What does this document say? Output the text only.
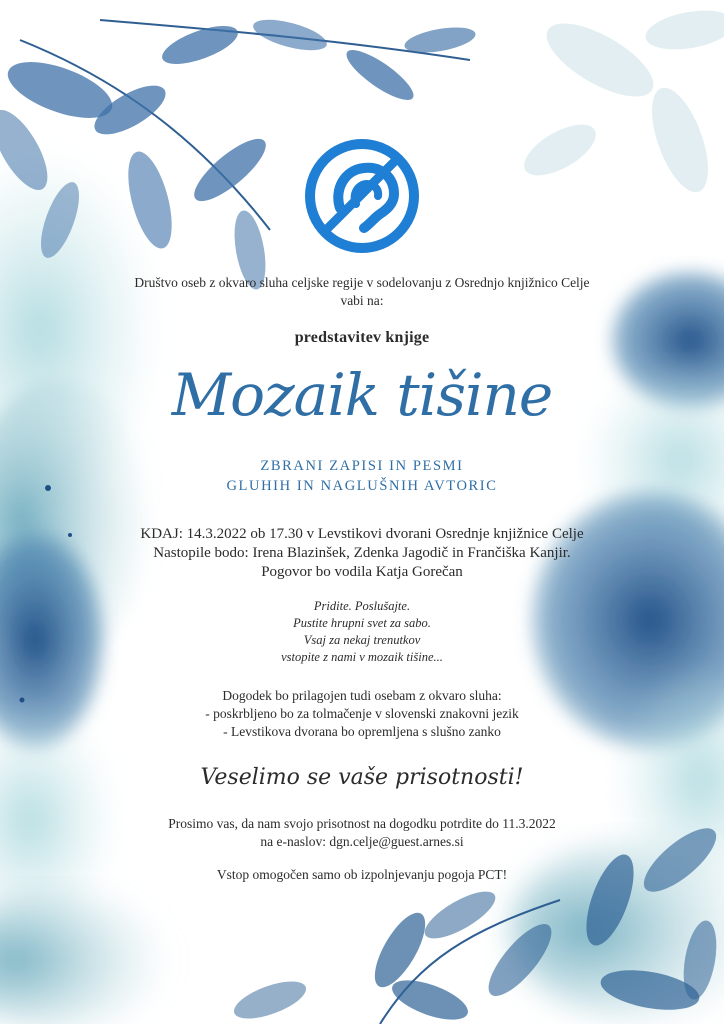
Društvo oseb z okvaro sluha celjske regije v sodelovanju z Osrednjo knjižnico Celje
vabi na:
predstavitev knjige
Mozaik tišine
ZBRANI ZAPISI IN PESMI
GLUHIH IN NAGLUŠNIH AVTORIC
KDAJ: 14.3.2022 ob 17.30 v Levstikovi dvorani Osrednje knjižnice Celje
Nastopile bodo: Irena Blazinšek, Zdenka Jagodič in Frančiška Kanjir.
Pogovor bo vodila Katja Gorečan
Pridite. Poslušajte.
Pustite hrupni svet za sabo.
Vsaj za nekaj trenutkov
vstopite z nami v mozaik tišine...
Dogodek bo prilagojen tudi osebam z okvaro sluha:
- poskrbljeno bo za tolmačenje v slovenski znakovni jezik
- Levstikova dvorana bo opremljena s slušno zanko
Veselimo se vaše prisotnosti!
Prosimo vas, da nam svojo prisotnost na dogodku potrdite do 11.3.2022
na e-naslov: dgn.celje@guest.arnes.si
Vstop omogočen samo ob izpolnjevanju pogoja PCT!
